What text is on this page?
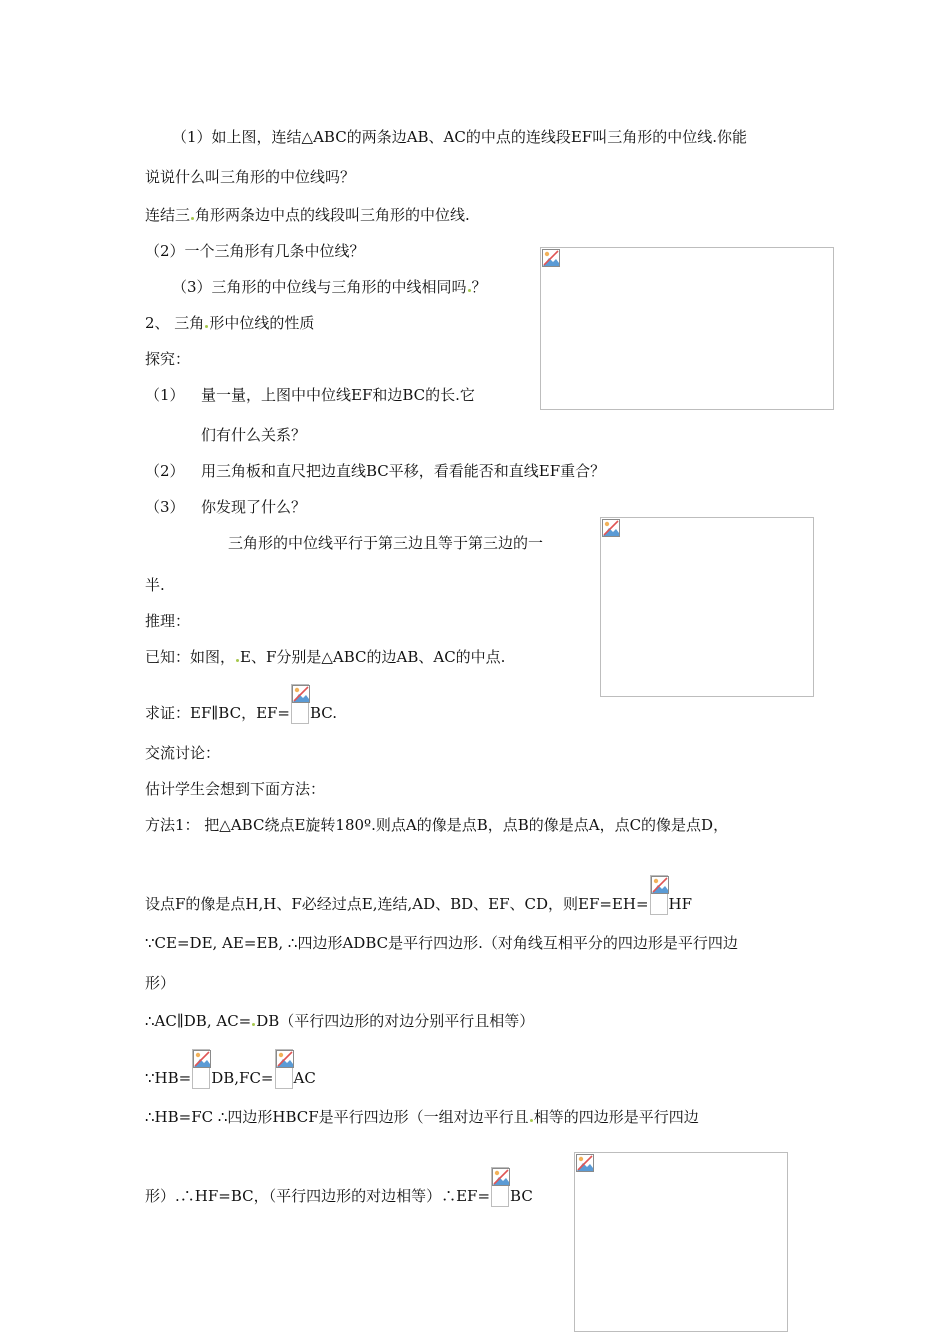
（1）如上图，连结△ABC的两条边AB、AC的中点的连线段EF叫三角形的中位线.你能
说说什么叫三角形的中位线吗？
连结三 角形两条边中点的线段叫三角形的中位线.
（2）一个三角形有几条中位线？
（3）三角形的中位线与三角形的中线相同吗 ？
2、 三角 形中位线的性质
探究：
（1） 量一量，上图中中位线EF和边BC的长.它
们有什么关系？
（2） 用三角板和直尺把边直线BC平移，看看能否和直线EF重合？
（3） 你发现了什么？
三角形的中位线平行于第三边且等于第三边的一
半.
推理：
已知：如图， E、F分别是△ABC的边AB、AC的中点.
求证：EF∥BC，EF= BC.
交流讨论：
估计学生会想到下面方法：
方法1： 把△ABC绕点E旋转180º.则点A的像是点B，点B的像是点A，点C的像是点D，
设点F的像是点H,H、F必经过点E,连结,AD、BD、EF、CD，则EF=EH= HF
∵CE=DE, AE=EB, ∴四边形ADBC是平行四边形.（对角线互相平分的四边形是平行四边
形）
∴AC∥DB, AC= DB（平行四边形的对边分别平行且相等）
∵HB= DB,FC= AC
∴HB=FC ∴四边形HBCF是平行四边形（一组对边平行且 相等的四边形是平行四边
形）.∴HF=BC，（平行四边形的对边相等）∴EF= BC
